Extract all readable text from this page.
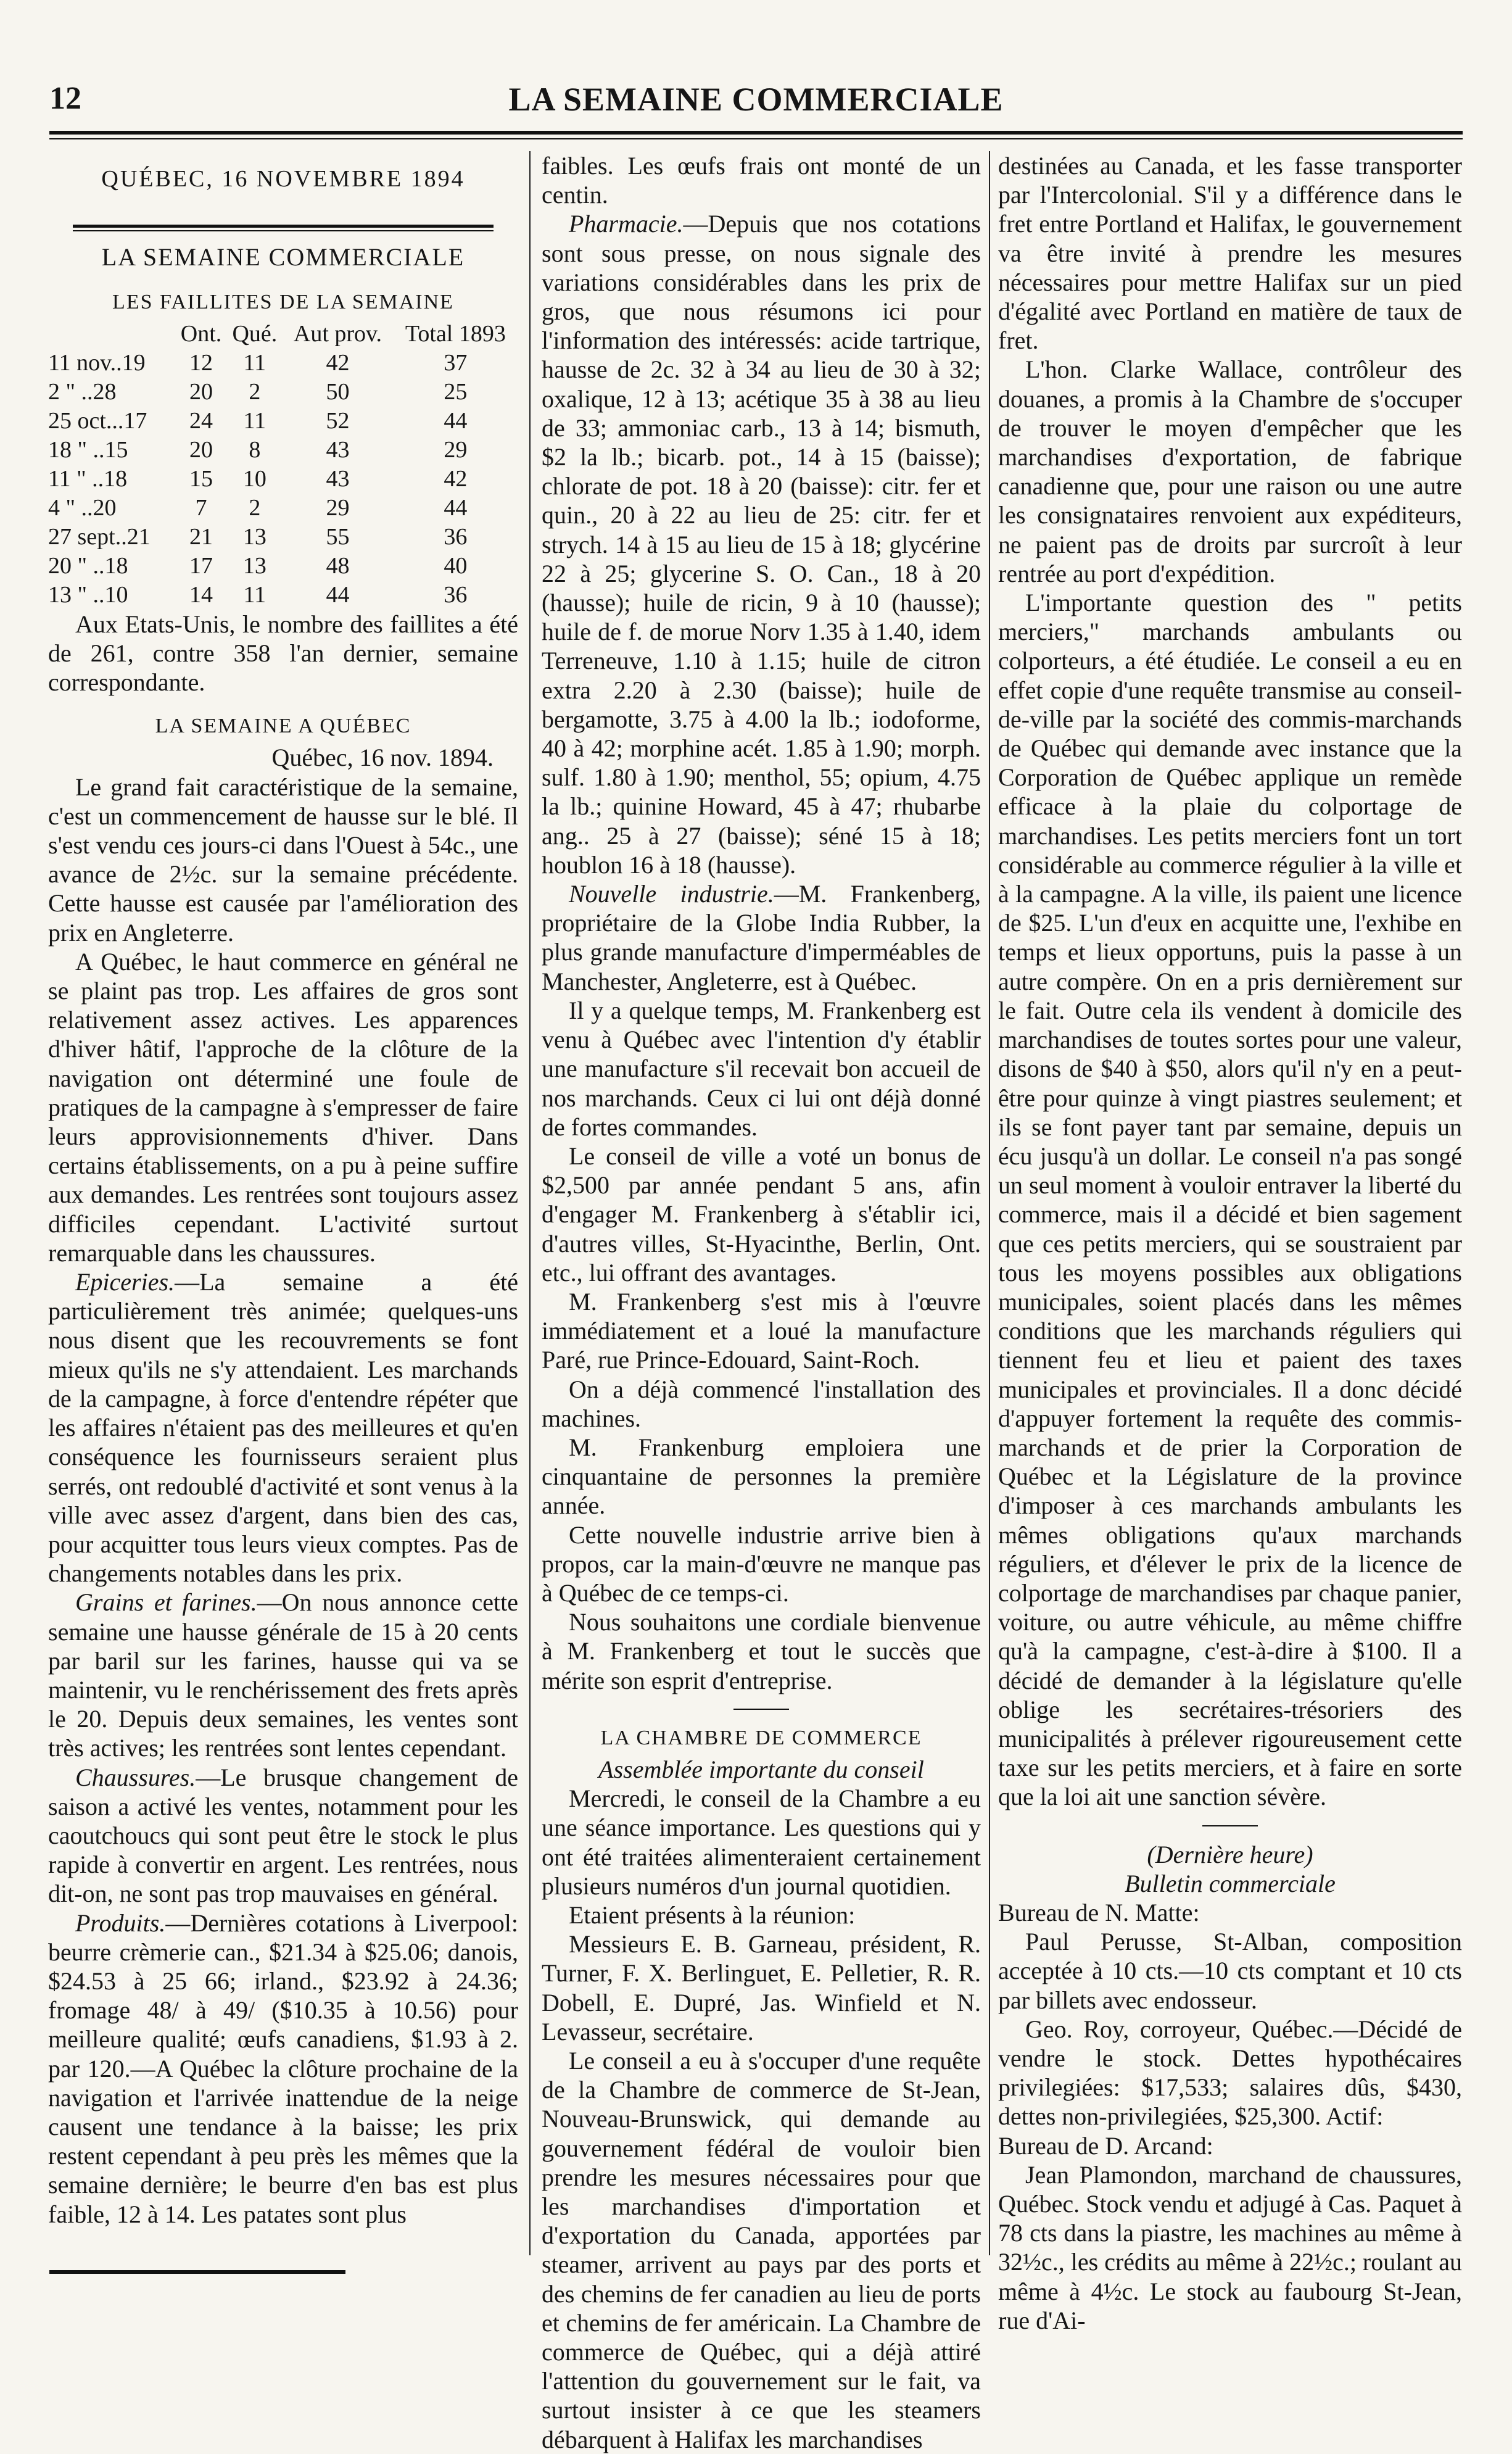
12	LA SEMAINE COMMERCIALE
QUÉBEC, 16 NOVEMBRE 1894
LA SEMAINE COMMERCIALE
LES FAILLITES DE LA SEMAINE
	Ont.	Qué.	Aut prov.	Total 1893
11 nov..19	12	11	42	37
2 " ..28	20	2	50	25
25 oct...17	24	11	52	44
18 " ..15	20	8	43	29
11 " ..18	15	10	43	42
4 " ..20	7	2	29	44
27 sept..21	21	13	55	36
20 " ..18	17	13	48	40
13 " ..10	14	11	44	36

Aux Etats-Unis, le nombre des faillites a été de 261, contre 358 l'an dernier, semaine correspondante.

LA SEMAINE A QUÉBEC

Québec, 16 nov. 1894.

Le grand fait caractéristique de la semaine, c'est un commencement de hausse sur le blé. Il s'est vendu ces jours-ci dans l'Ouest à 54c., une avance de 2½c. sur la semaine précédente. Cette hausse est causée par l'amélioration des prix en Angleterre.

A Québec, le haut commerce en général ne se plaint pas trop. Les affaires de gros sont relativement assez actives. Les apparences d'hiver hâtif, l'approche de la clôture de la navigation ont déterminé une foule de pratiques de la campagne à s'empresser de faire leurs approvisionnements d'hiver. Dans certains établissements, on a pu à peine suffire aux demandes. Les rentrées sont toujours assez difficiles cependant. L'activité surtout remarquable dans les chaussures.

Epiceries.—La semaine a été particulièrement très animée; quelques-uns nous disent que les recouvrements se font mieux qu'ils ne s'y attendaient. Les marchands de la campagne, à force d'entendre répéter que les affaires n'étaient pas des meilleures et qu'en conséquence les fournisseurs seraient plus serrés, ont redoublé d'activité et sont venus à la ville avec assez d'argent, dans bien des cas, pour acquitter tous leurs vieux comptes. Pas de changements notables dans les prix.

Grains et farines.—On nous annonce cette semaine une hausse générale de 15 à 20 cents par baril sur les farines, hausse qui va se maintenir, vu le renchérissement des frets après le 20. Depuis deux semaines, les ventes sont très actives; les rentrées sont lentes cependant.

Chaussures.—Le brusque changement de saison a activé les ventes, notamment pour les caoutchoucs qui sont peut être le stock le plus rapide à convertir en argent. Les rentrées, nous dit-on, ne sont pas trop mauvaises en général.

Produits.—Dernières cotations à Liverpool: beurre crèmerie can., $21.34 à $25.06; danois, $24.53 à 25 66; irland., $23.92 à 24.36; fromage 48/ à 49/ ($10.35 à 10.56) pour meilleure qualité; œufs canadiens, $1.93 à 2. par 120.—A Québec la clôture prochaine de la navigation et l'arrivée inattendue de la neige causent une tendance à la baisse; les prix restent cependant à peu près les mêmes que la semaine dernière; le beurre d'en bas est plus faible, 12 à 14. Les patates sont plus

faibles. Les œufs frais ont monté de un centin.

Pharmacie.—Depuis que nos cotations sont sous presse, on nous signale des variations considérables dans les prix de gros, que nous résumons ici pour l'information des intéressés: acide tartrique, hausse de 2c. 32 à 34 au lieu de 30 à 32; oxalique, 12 à 13; acétique 35 à 38 au lieu de 33; ammoniac carb., 13 à 14; bismuth, $2 la lb.; bicarb. pot., 14 à 15 (baisse); chlorate de pot. 18 à 20 (baisse): citr. fer et quin., 20 à 22 au lieu de 25: citr. fer et strych. 14 à 15 au lieu de 15 à 18; glycérine 22 à 25; glycerine S. O. Can., 18 à 20 (hausse); huile de ricin, 9 à 10 (hausse); huile de f. de morue Norv 1.35 à 1.40, idem Terreneuve, 1.10 à 1.15; huile de citron extra 2.20 à 2.30 (baisse); huile de bergamotte, 3.75 à 4.00 la lb.; iodoforme, 40 à 42; morphine acét. 1.85 à 1.90; morph. sulf. 1.80 à 1.90; menthol, 55; opium, 4.75 la lb.; quinine Howard, 45 à 47; rhubarbe ang.. 25 à 27 (baisse); séné 15 à 18; houblon 16 à 18 (hausse).

Nouvelle industrie.—M. Frankenberg, propriétaire de la Globe India Rubber, la plus grande manufacture d'imperméables de Manchester, Angleterre, est à Québec.

Il y a quelque temps, M. Frankenberg est venu à Québec avec l'intention d'y établir une manufacture s'il recevait bon accueil de nos marchands. Ceux ci lui ont déjà donné de fortes commandes.

Le conseil de ville a voté un bonus de $2,500 par année pendant 5 ans, afin d'engager M. Frankenberg à s'établir ici, d'autres villes, St-Hyacinthe, Berlin, Ont. etc., lui offrant des avantages.

M. Frankenberg s'est mis à l'œuvre immédiatement et a loué la manufacture Paré, rue Prince-Edouard, Saint-Roch.

On a déjà commencé l'installation des machines.

M. Frankenburg emploiera une cinquantaine de personnes la première année.

Cette nouvelle industrie arrive bien à propos, car la main-d'œuvre ne manque pas à Québec de ce temps-ci.

Nous souhaitons une cordiale bienvenue à M. Frankenberg et tout le succès que mérite son esprit d'entreprise.

LA CHAMBRE DE COMMERCE

Assemblée importante du conseil

Mercredi, le conseil de la Chambre a eu une séance importance. Les questions qui y ont été traitées alimenteraient certainement plusieurs numéros d'un journal quotidien.

Etaient présents à la réunion:

Messieurs E. B. Garneau, président, R. Turner, F. X. Berlinguet, E. Pelletier, R. R. Dobell, E. Dupré, Jas. Winfield et N. Levasseur, secrétaire.

Le conseil a eu à s'occuper d'une requête de la Chambre de commerce de St-Jean, Nouveau-Brunswick, qui demande au gouvernement fédéral de vouloir bien prendre les mesures nécessaires pour que les marchandises d'importation et d'exportation du Canada, apportées par steamer, arrivent au pays par des ports et des chemins de fer canadien au lieu de ports et chemins de fer américain. La Chambre de commerce de Québec, qui a déjà attiré l'attention du gouvernement sur le fait, va surtout insister à ce que les steamers débarquent à Halifax les marchandises

destinées au Canada, et les fasse transporter par l'Intercolonial. S'il y a différence dans le fret entre Portland et Halifax, le gouvernement va être invité à prendre les mesures nécessaires pour mettre Halifax sur un pied d'égalité avec Portland en matière de taux de fret.

L'hon. Clarke Wallace, contrôleur des douanes, a promis à la Chambre de s'occuper de trouver le moyen d'empêcher que les marchandises d'exportation, de fabrique canadienne que, pour une raison ou une autre les consignataires renvoient aux expéditeurs, ne paient pas de droits par surcroît à leur rentrée au port d'expédition.

L'importante question des " petits merciers," marchands ambulants ou colporteurs, a été étudiée. Le conseil a eu en effet copie d'une requête transmise au conseil-de-ville par la société des commis-marchands de Québec qui demande avec instance que la Corporation de Québec applique un remède efficace à la plaie du colportage de marchandises. Les petits merciers font un tort considérable au commerce régulier à la ville et à la campagne. A la ville, ils paient une licence de $25. L'un d'eux en acquitte une, l'exhibe en temps et lieux opportuns, puis la passe à un autre compère. On en a pris dernièrement sur le fait. Outre cela ils vendent à domicile des marchandises de toutes sortes pour une valeur, disons de $40 à $50, alors qu'il n'y en a peut-être pour quinze à vingt piastres seulement; et ils se font payer tant par semaine, depuis un écu jusqu'à un dollar. Le conseil n'a pas songé un seul moment à vouloir entraver la liberté du commerce, mais il a décidé et bien sagement que ces petits merciers, qui se soustraient par tous les moyens possibles aux obligations municipales, soient placés dans les mêmes conditions que les marchands réguliers qui tiennent feu et lieu et paient des taxes municipales et provinciales. Il a donc décidé d'appuyer fortement la requête des commis-marchands et de prier la Corporation de Québec et la Législature de la province d'imposer à ces marchands ambulants les mêmes obligations qu'aux marchands réguliers, et d'élever le prix de la licence de colportage de marchandises par chaque panier, voiture, ou autre véhicule, au même chiffre qu'à la campagne, c'est-à-dire à $100. Il a décidé de demander à la législature qu'elle oblige les secrétaires-trésoriers des municipalités à prélever rigoureusement cette taxe sur les petits merciers, et à faire en sorte que la loi ait une sanction sévère.

(Dernière heure)

Bulletin commerciale

Bureau de N. Matte:

Paul Perusse, St-Alban, composition acceptée à 10 cts.—10 cts comptant et 10 cts par billets avec endosseur.

Geo. Roy, corroyeur, Québec.—Décidé de vendre le stock. Dettes hypothécaires privilegiées: $17,533; salaires dûs, $430, dettes non-privilegiées, $25,300. Actif:

Bureau de D. Arcand:

Jean Plamondon, marchand de chaussures, Québec. Stock vendu et adjugé à Cas. Paquet à 78 cts dans la piastre, les machines au même à 32½c., les crédits au même à 22½c.; roulant au même à 4½c. Le stock au faubourg St-Jean, rue d'Ai-
